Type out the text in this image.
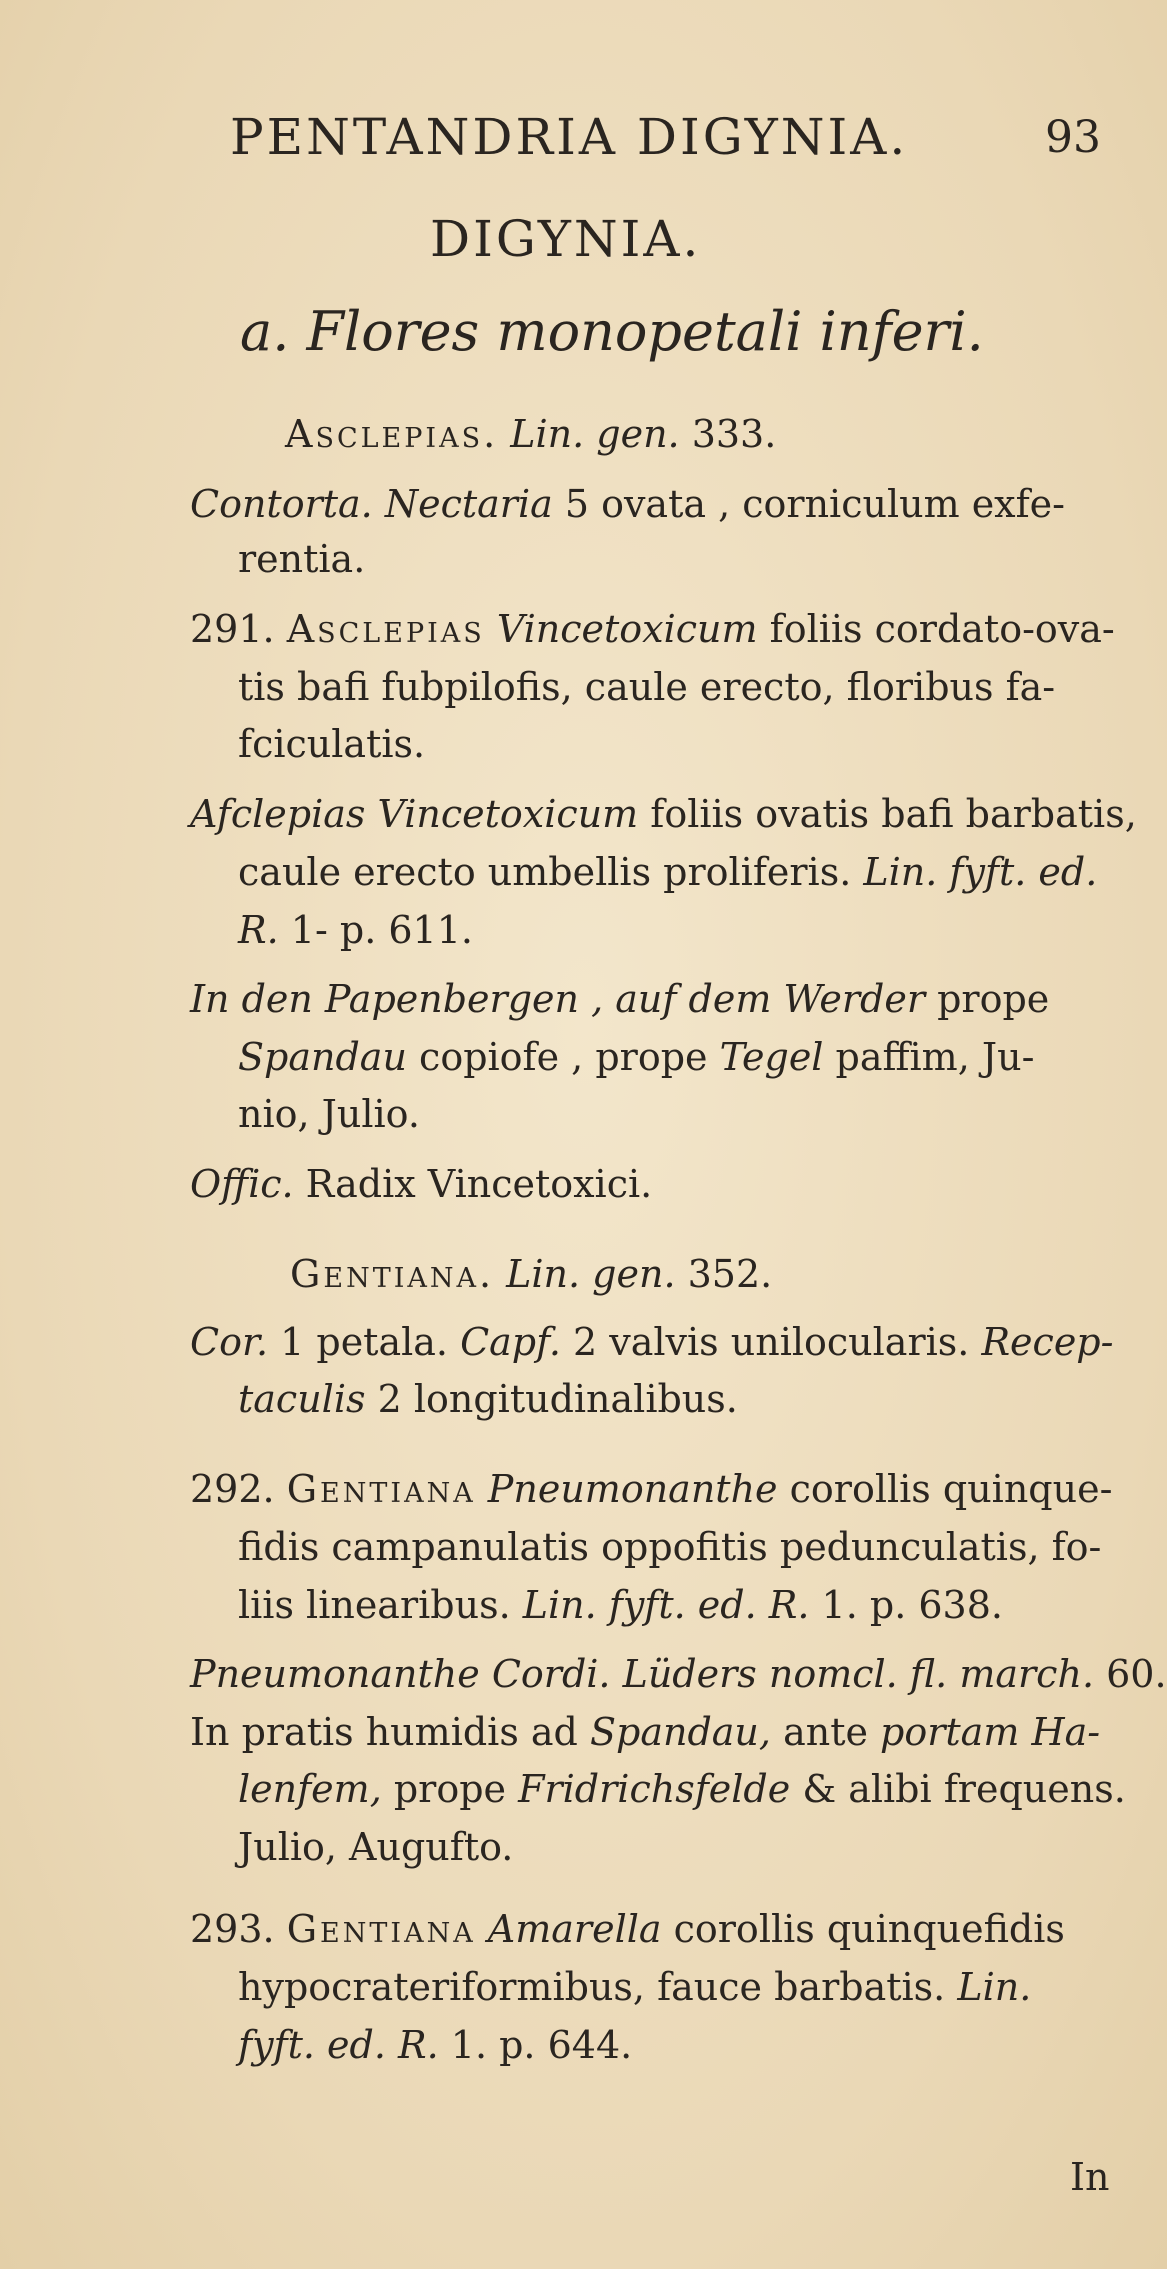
PENTANDRIA DIGYNIA.	93
DIGYNIA.
a. Flores monopetali inferi.
Asclepias. Lin. gen. 333.
Contorta. Nectaria 5 ovata , corniculum exfe-
rentia.
291. Asclepias Vincetoxicum foliis cordato-ova-
tis bafi fubpilofis, caule erecto, floribus fa-
fciculatis.
Afclepias Vincetoxicum foliis ovatis bafi barbatis,
caule erecto umbellis proliferis. Lin. fyft. ed.
R. 1- p. 611.
In den Papenbergen , auf dem Werder prope
Spandau copiofe , prope Tegel paffim, Ju-
nio, Julio.
Offic. Radix Vincetoxici.
Gentiana. Lin. gen. 352.
Cor. 1 petala. Capf. 2 valvis unilocularis. Recep-
taculis 2 longitudinalibus.
292. Gentiana Pneumonanthe corollis quinque-
fidis campanulatis oppofitis pedunculatis, fo-
liis linearibus. Lin. fyft. ed. R. 1. p. 638.
Pneumonanthe Cordi. Lüders nomcl. fl. march. 60.
In pratis humidis ad Spandau, ante portam Ha-
lenfem, prope Fridrichsfelde & alibi frequens.
Julio, Augufto.
293. Gentiana Amarella corollis quinquefidis
hypocrateriformibus, fauce barbatis. Lin.
fyft. ed. R. 1. p. 644.
In
